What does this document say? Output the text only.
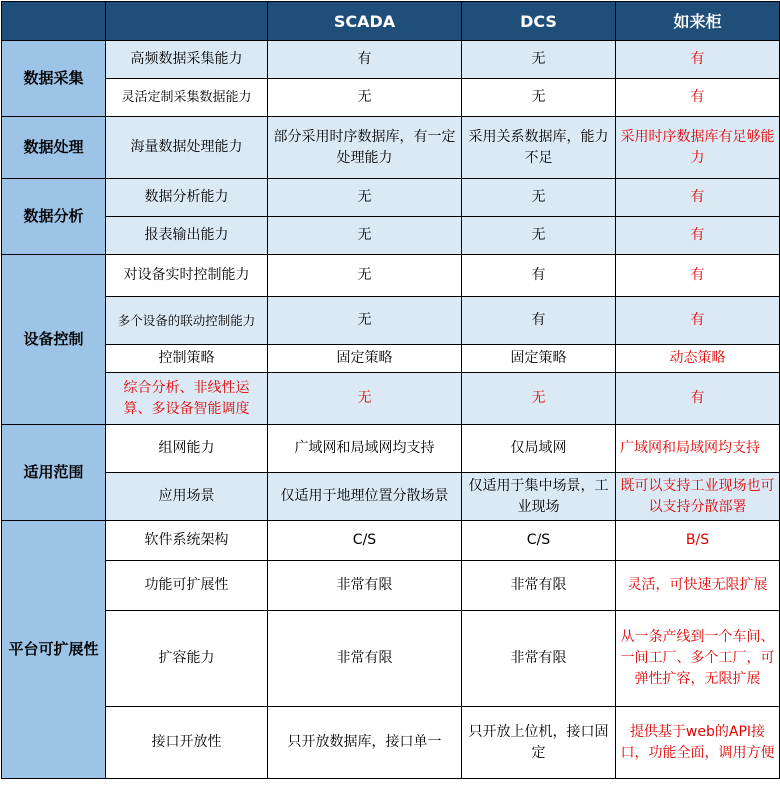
		SCADA	DCS	如来柜
数据采集	高频数据采集能力	有	无	有
	灵活定制采集数据能力	无	无	有
数据处理	海量数据处理能力	部分采用时序数据库，有一定处理能力	采用关系数据库，能力不足	采用时序数据库有足够能力
数据分析	数据分析能力	无	无	有
	报表输出能力	无	无	有
设备控制	对设备实时控制能力	无	有	有
	多个设备的联动控制能力	无	有	有
	控制策略	固定策略	固定策略	动态策略
	综合分析、非线性运算、多设备智能调度	无	无	有
适用范围	组网能力	广域网和局域网均支持	仅局域网	广域网和局域网均支持
	应用场景	仅适用于地理位置分散场景	仅适用于集中场景，工业现场	既可以支持工业现场也可以支持分散部署
平台可扩展性	软件系统架构	C/S	C/S	B/S
	功能可扩展性	非常有限	非常有限	灵活，可快速无限扩展
	扩容能力	非常有限	非常有限	从一条产线到一个车间、一间工厂、多个工厂，可弹性扩容，无限扩展
	接口开放性	只开放数据库，接口单一	只开放上位机，接口固定	提供基于web的API接口，功能全面，调用方便
